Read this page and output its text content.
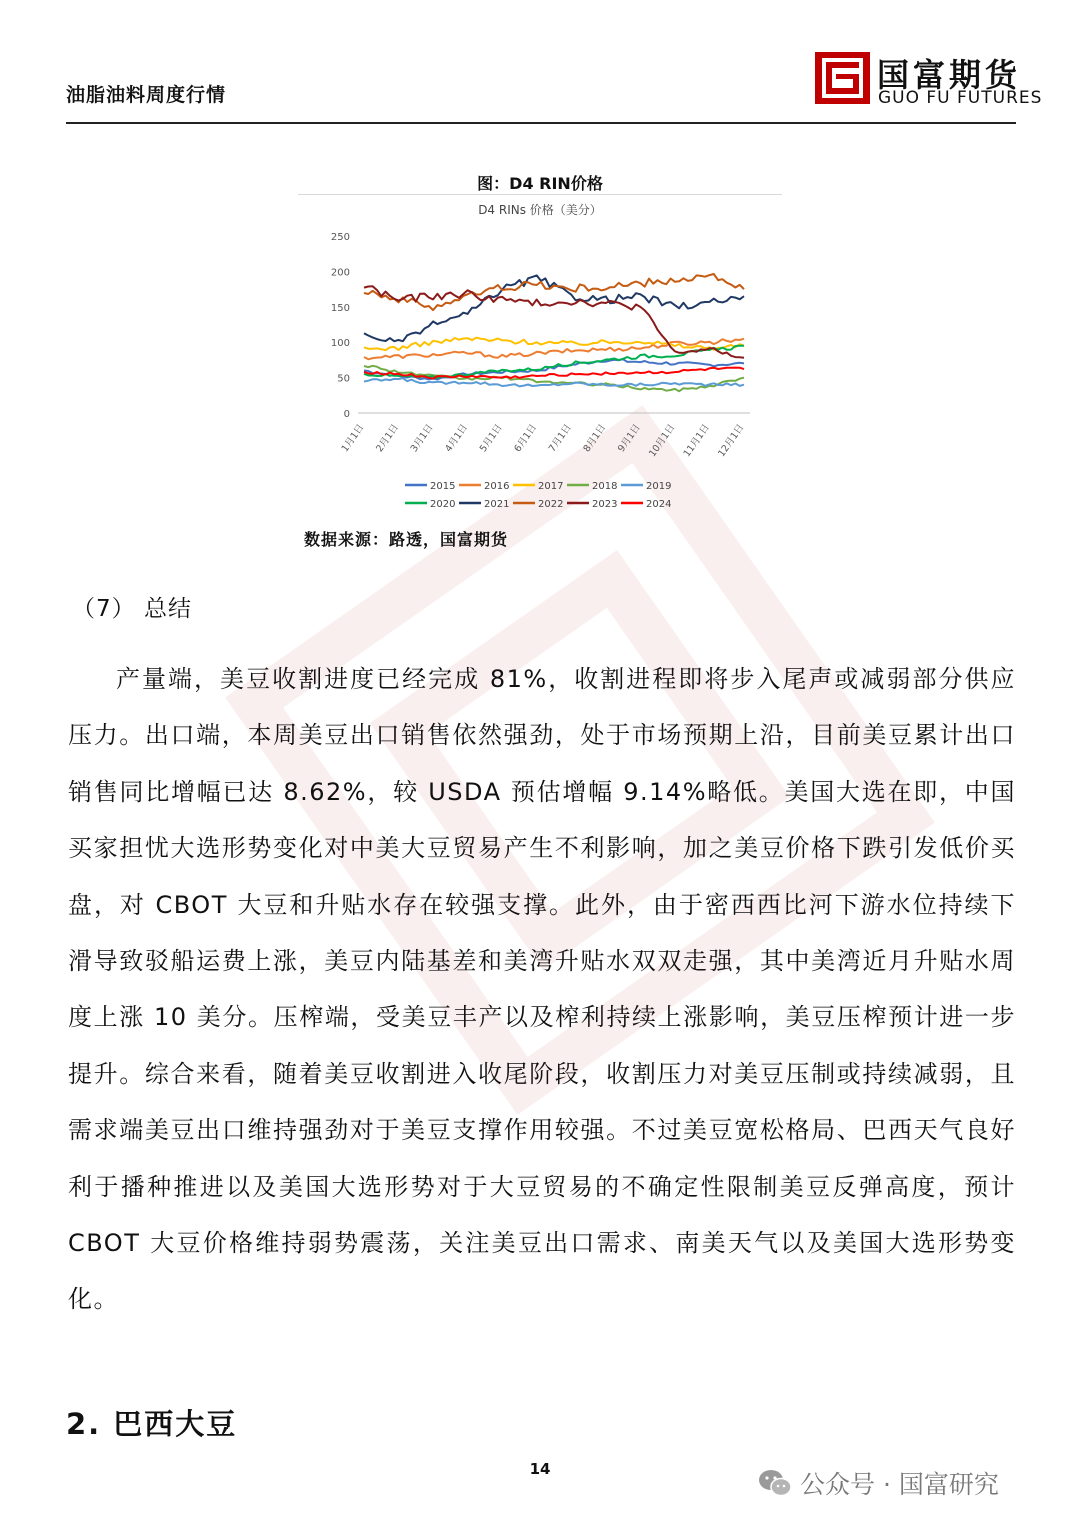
油脂油料周度行情
国富期货
GUO FU FUTURES
图：D4 RIN价格
D4 RINs 价格（美分）
0
50
100
150
200
250
1月1日 2月1日 3月1日 4月1日 5月1日 6月1日 7月1日 8月1日 9月1日 10月1日 11月1日 12月1日
2015	2016	2017	2018	2019
2020	2021	2022	2023	2024
数据来源：路透，国富期货
（7） 总结

产量端，美豆收割进度已经完成 81%，收割进程即将步入尾声或减弱部分供应压力。出口端，本周美豆出口销售依然强劲，处于市场预期上沿，目前美豆累计出口销售同比增幅已达 8.62%，较 USDA 预估增幅 9.14%略低。美国大选在即，中国买家担忧大选形势变化对中美大豆贸易产生不利影响，加之美豆价格下跌引发低价买盘，对 CBOT 大豆和升贴水存在较强支撑。此外，由于密西西比河下游水位持续下滑导致驳船运费上涨，美豆内陆基差和美湾升贴水双双走强，其中美湾近月升贴水周度上涨 10 美分。压榨端，受美豆丰产以及榨利持续上涨影响，美豆压榨预计进一步提升。综合来看，随着美豆收割进入收尾阶段，收割压力对美豆压制或持续减弱，且需求端美豆出口维持强劲对于美豆支撑作用较强。不过美豆宽松格局、巴西天气良好利于播种推进以及美国大选形势对于大豆贸易的不确定性限制美豆反弹高度，预计 CBOT 大豆价格维持弱势震荡，关注美豆出口需求、南美天气以及美国大选形势变化。

2. 巴西大豆
14
公众号 · 国富研究
